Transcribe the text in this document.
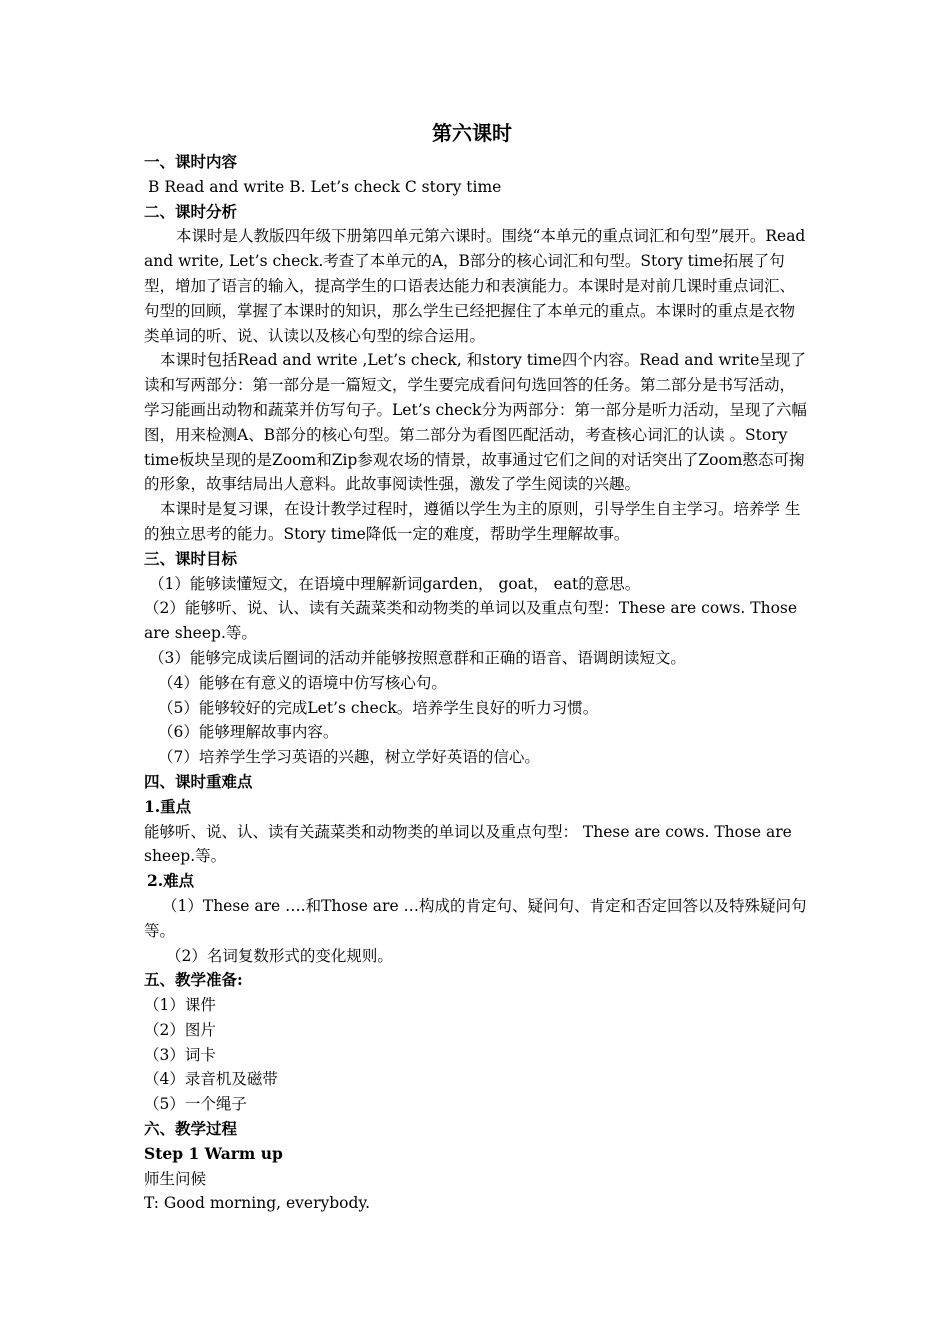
第六课时

一、课时内容

B Read and write B. Let’s check C story time

二、课时分析

本课时是人教版四年级下册第四单元第六课时。围绕“本单元的重点词汇和句型”展开。Read and write, Let’s check.考查了本单元的A，B部分的核心词汇和句型。Story time拓展了句型，增加了语言的输入，提高学生的口语表达能力和表演能力。本课时是对前几课时重点词汇、句型的回顾，掌握了本课时的知识，那么学生已经把握住了本单元的重点。本课时的重点是衣物类单词的听、说、认读以及核心句型的综合运用。

本课时包括Read and write ,Let’s check, 和story time四个内容。Read and write呈现了读和写两部分：第一部分是一篇短文，学生要完成看问句选回答的任务。第二部分是书写活动，学习能画出动物和蔬菜并仿写句子。Let’s check分为两部分：第一部分是听力活动，呈现了六幅图，用来检测A、B部分的核心句型。第二部分为看图匹配活动，考查核心词汇的认读 。Story time板块呈现的是Zoom和Zip参观农场的情景，故事通过它们之间的对话突出了Zoom憨态可掬的形象，故事结局出人意料。此故事阅读性强，激发了学生阅读的兴趣。

本课时是复习课，在设计教学过程时，遵循以学生为主的原则，引导学生自主学习。培养学 生的独立思考的能力。Story time降低一定的难度，帮助学生理解故事。

三、课时目标

（1）能够读懂短文，在语境中理解新词garden， goat， eat的意思。

（2）能够听、说、认、读有关蔬菜类和动物类的单词以及重点句型：These are cows. Those are sheep.等。

（3）能够完成读后圈词的活动并能够按照意群和正确的语音、语调朗读短文。

（4）能够在有意义的语境中仿写核心句。

（5）能够较好的完成Let’s check。培养学生良好的听力习惯。

（6）能够理解故事内容。

（7）培养学生学习英语的兴趣，树立学好英语的信心。

四、课时重难点

1.重点

能够听、说、认、读有关蔬菜类和动物类的单词以及重点句型： These are cows. Those are sheep.等。

2.难点

（1）These are ….和Those are …构成的肯定句、疑问句、肯定和否定回答以及特殊疑问句等。

（2）名词复数形式的变化规则。

五、教学准备:

（1）课件

（2）图片

（3）词卡

（4）录音机及磁带

（5）一个绳子

六、教学过程

Step 1 Warm up

师生问候

T: Good morning, everybody.
